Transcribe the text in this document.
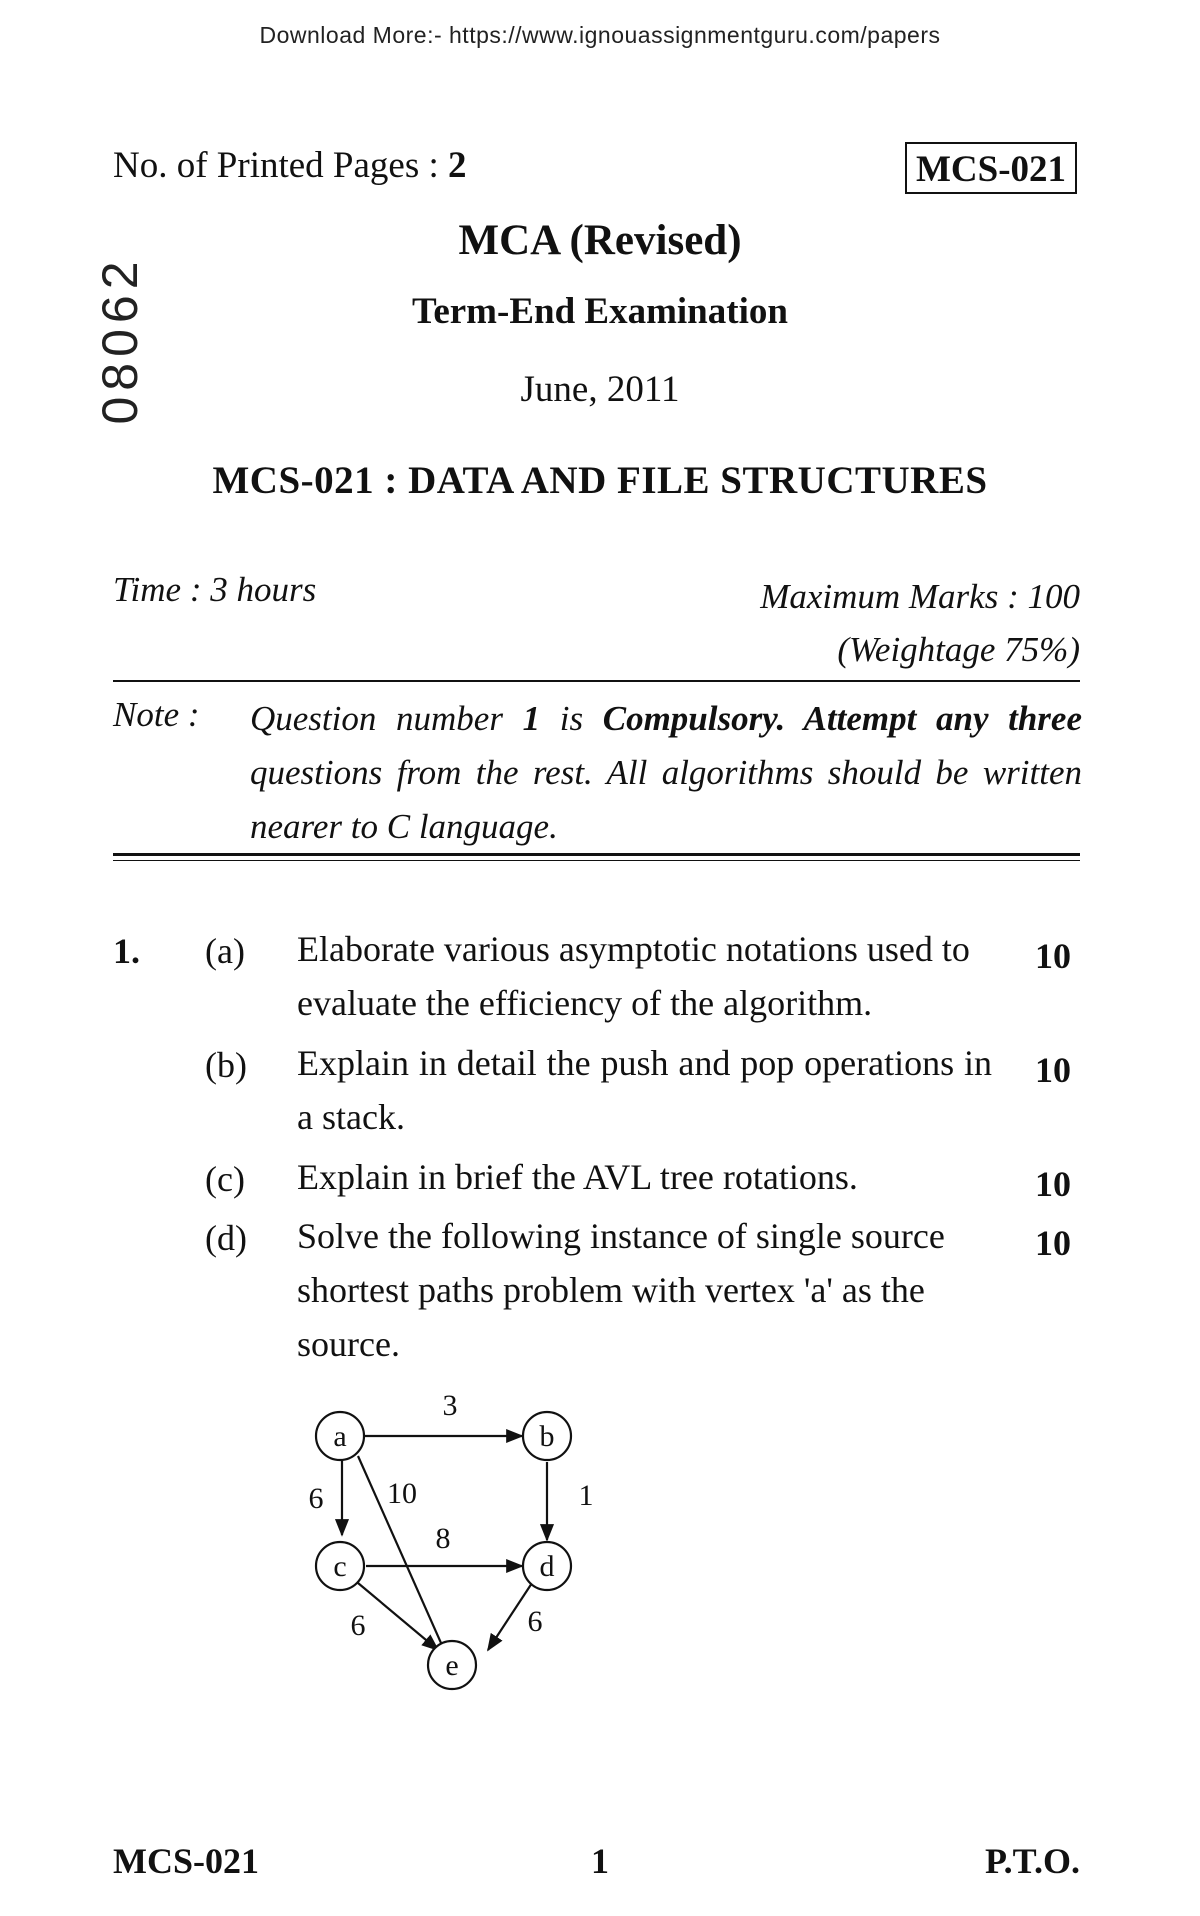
Download More:- https://www.ignouassignmentguru.com/papers
No. of Printed Pages : 2	MCS-021
08062
MCA (Revised)
Term-End Examination
June, 2011
MCS-021 : DATA AND FILE STRUCTURES
Time : 3 hours	Maximum Marks : 100
(Weightage 75%)
Note : Question number 1 is Compulsory. Attempt any three questions from the rest. All algorithms should be written nearer to C language.
1. (a) Elaborate various asymptotic notations used to evaluate the efficiency of the algorithm.
10
(b) Explain in detail the push and pop operations in a stack.
10
(c) Explain in brief the AVL tree rotations.	10
(d) Solve the following instance of single source shortest paths problem with vertex 'a' as the source.
10
a	b
c	d
e
3
6 10	1
8
6	6
MCS-021	1	P.T.O.
